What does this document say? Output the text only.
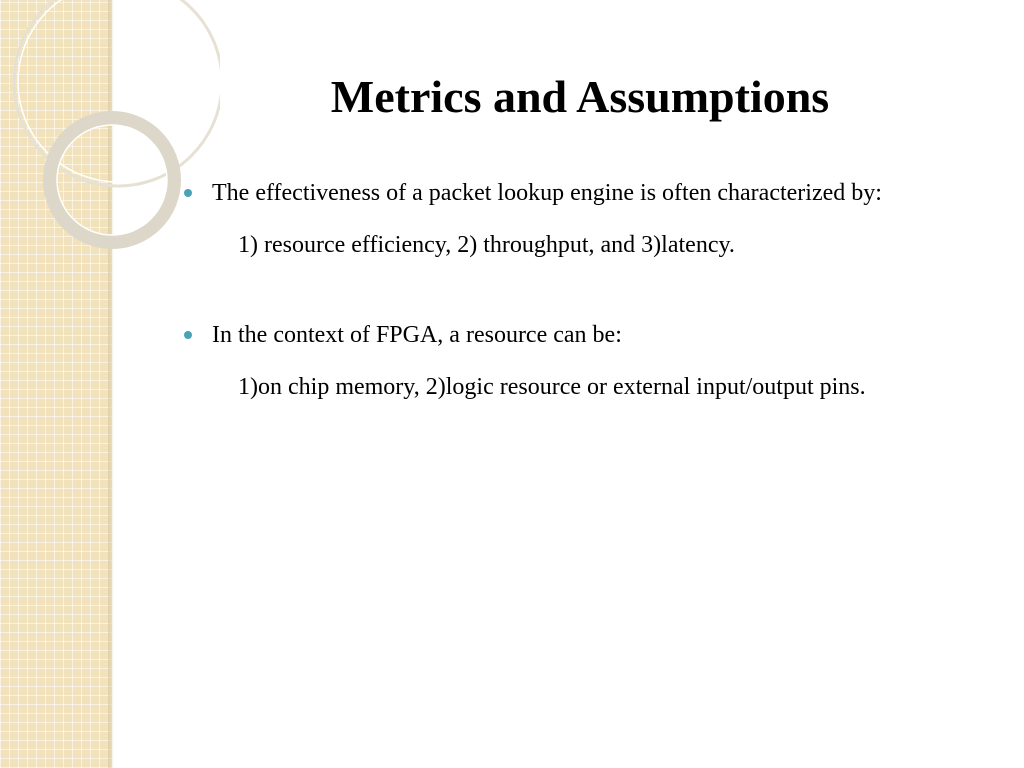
Metrics and Assumptions
The effectiveness of a packet lookup engine is often characterized by:
1) resource efficiency, 2) throughput, and 3)latency.
In the context of FPGA, a resource can be:
1)on chip memory, 2)logic resource or external input/output pins.
